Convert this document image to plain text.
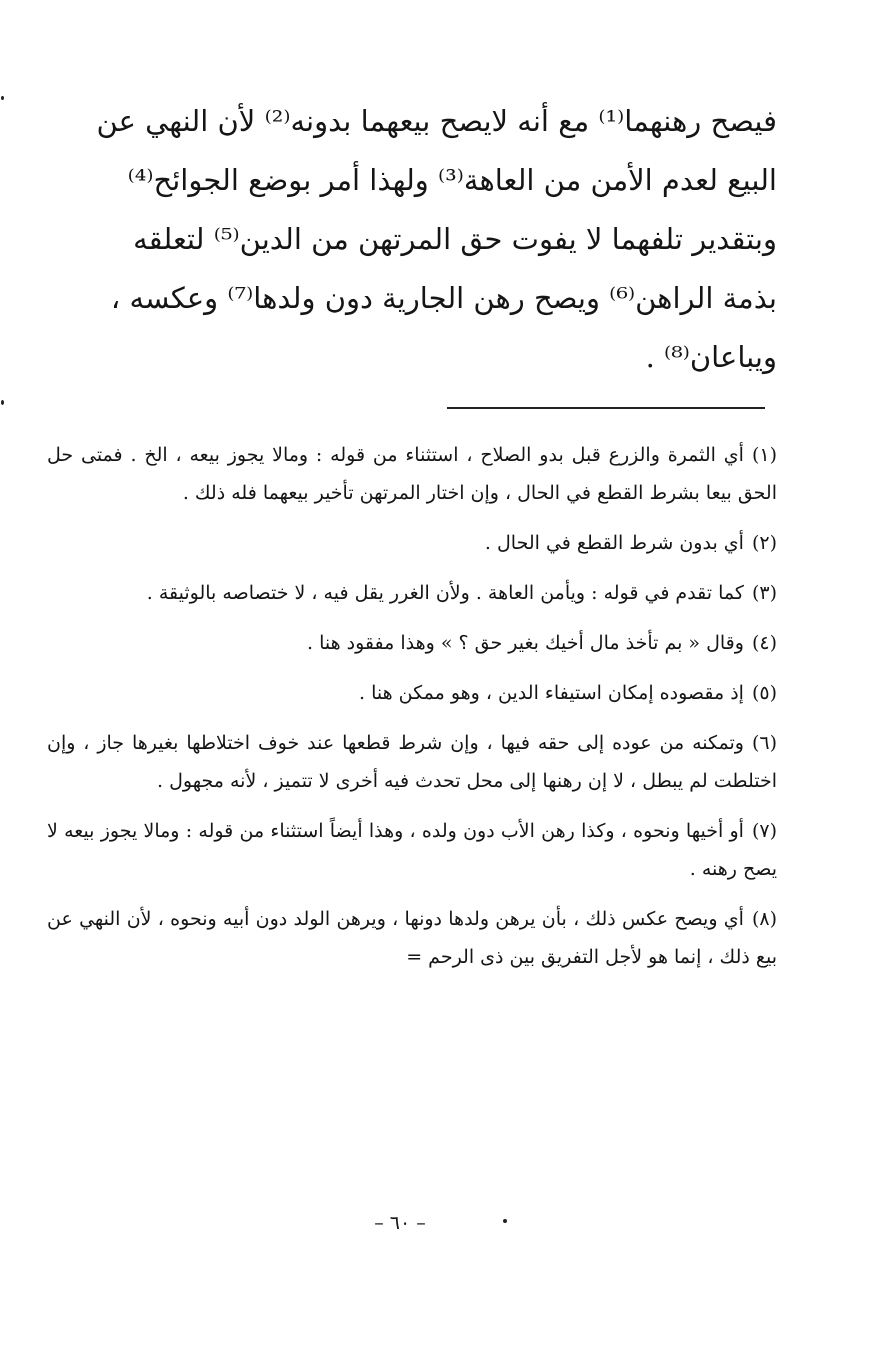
فيصح رهنهما⁽¹⁾ مع أنه لايصح بيعهما بدونه⁽²⁾ لأن النهي عن
البيع لعدم الأمن من العاهة⁽³⁾ ولهذا أمر بوضع الجوائح⁽⁴⁾
وبتقدير تلفهما لا يفوت حق المرتهن من الدين⁽⁵⁾ لتعلقه
بذمة الراهن⁽⁶⁾ ويصح رهن الجارية دون ولدها⁽⁷⁾ وعكسه ،
ويباعان⁽⁸⁾ .

(١)أي الثمرة والزرع قبل بدو الصلاح ، استثناء من قوله : ومالا يجوز بيعه ، الخ . فمتى حل الحق بيعا بشرط القطع في الحال ، وإن اختار المرتهن تأخير بيعهما فله ذلك .

(٢)أي بدون شرط القطع في الحال .

(٣)كما تقدم في قوله : ويأمن العاهة . ولأن الغرر يقل فيه ، لا ختصاصه بالوثيقة .

(٤)وقال « بم تأخذ مال أخيك بغير حق ؟ » وهذا مفقود هنا .

(٥)إذ مقصوده إمكان استيفاء الدين ، وهو ممكن هنا .

(٦)وتمكنه من عوده إلى حقه فيها ، وإن شرط قطعها عند خوف اختلاطها بغيرها جاز ، وإن اختلطت لم يبطل ، لا إن رهنها إلى محل تحدث فيه أخرى لا تتميز ، لأنه مجهول .

(٧)أو أخيها ونحوه ، وكذا رهن الأب دون ولده ، وهذا أيضاً استثناء من قوله : ومالا يجوز بيعه لا يصح رهنه .

(٨)أي ويصح عكس ذلك ، بأن يرهن ولدها دونها ، ويرهن الولد دون أبيه ونحوه ، لأن النهي عن بيع ذلك ، إنما هو لأجل التفريق بين ذى الرحم =

– ٦٠ –
